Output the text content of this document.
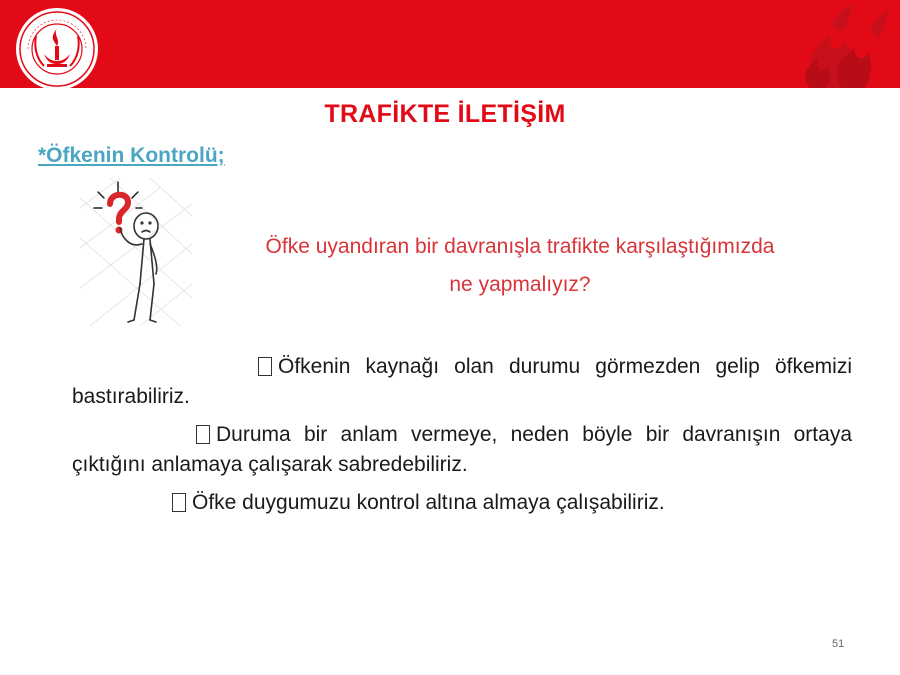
TRAFİKTE İLETİŞİM
*Öfkenin Kontrolü;
Öfke uyandıran bir davranışla trafikte karşılaştığımızda
ne yapmalıyız?

Öfkenin kaynağı olan durumu görmezden gelip öfkemizi bastırabiliriz.

Duruma bir anlam vermeye, neden böyle bir davranışın ortaya çıktığını anlamaya çalışarak sabredebiliriz.

Öfke duygumuzu kontrol altına almaya çalışabiliriz.

51
